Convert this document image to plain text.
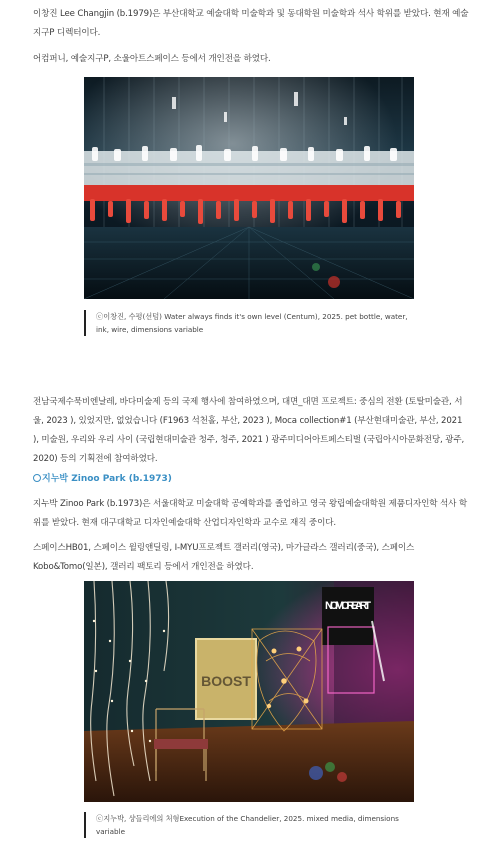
이창진 Lee Changjin (b.1979)은 부산대학교 예술대학 미술학과 및 동대학원 미술학과 석사 학위를 받았다. 현재 예술지구P 디렉터이다.

어컴퍼니, 예술지구P, 소울아트스페이스 등에서 개인전을 하였다.

ⓒ이창진, 수평(선텀) Water always finds it's own level (Centum), 2025. pet bottle, water, ink, wire, dimensions variable

전남국제수묵비엔날레, 바다미술제 등의 국제 행사에 참여하였으며, 대면_대면 프로젝트: 중심의 전환 (토탈미술관, 서울, 2023 ), 있었지만, 없었습니다 (F1963 석천홀, 부산, 2023 ), Moca collection#1 (부산현대미술관, 부산, 2021 ), 미술원, 우리와 우리 사이 (국립현대미술관 청주, 청주, 2021 ) 광주미디어아트페스티벌 (국립아시아문화전당, 광주, 2020) 등의 기획전에 참여하였다.

지누박 Zinoo Park (b.1973)

지누박 Zinoo Park (b.1973)은 서울대학교 미술대학 공예학과를 졸업하고 영국 왕립예술대학원 제품디자인학 석사 학위를 받았다. 현재 대구대학교 디자인예술대학 산업디자인학과 교수로 재직 중이다.

스페이스HB01, 스페이스 윌링앤딜링, I-MYU프로젝트 갤러리(영국), 마가글라스 갤러리(중국), 스페이스 Kobo&Tomo(일본), 갤러리 팩토리 등에서 개인전을 하였다.

BOOST
NO MORE ART
ⓒ지누박, 샹들리에의 처형Execution of the Chandelier, 2025. mixed media, dimensions variable
